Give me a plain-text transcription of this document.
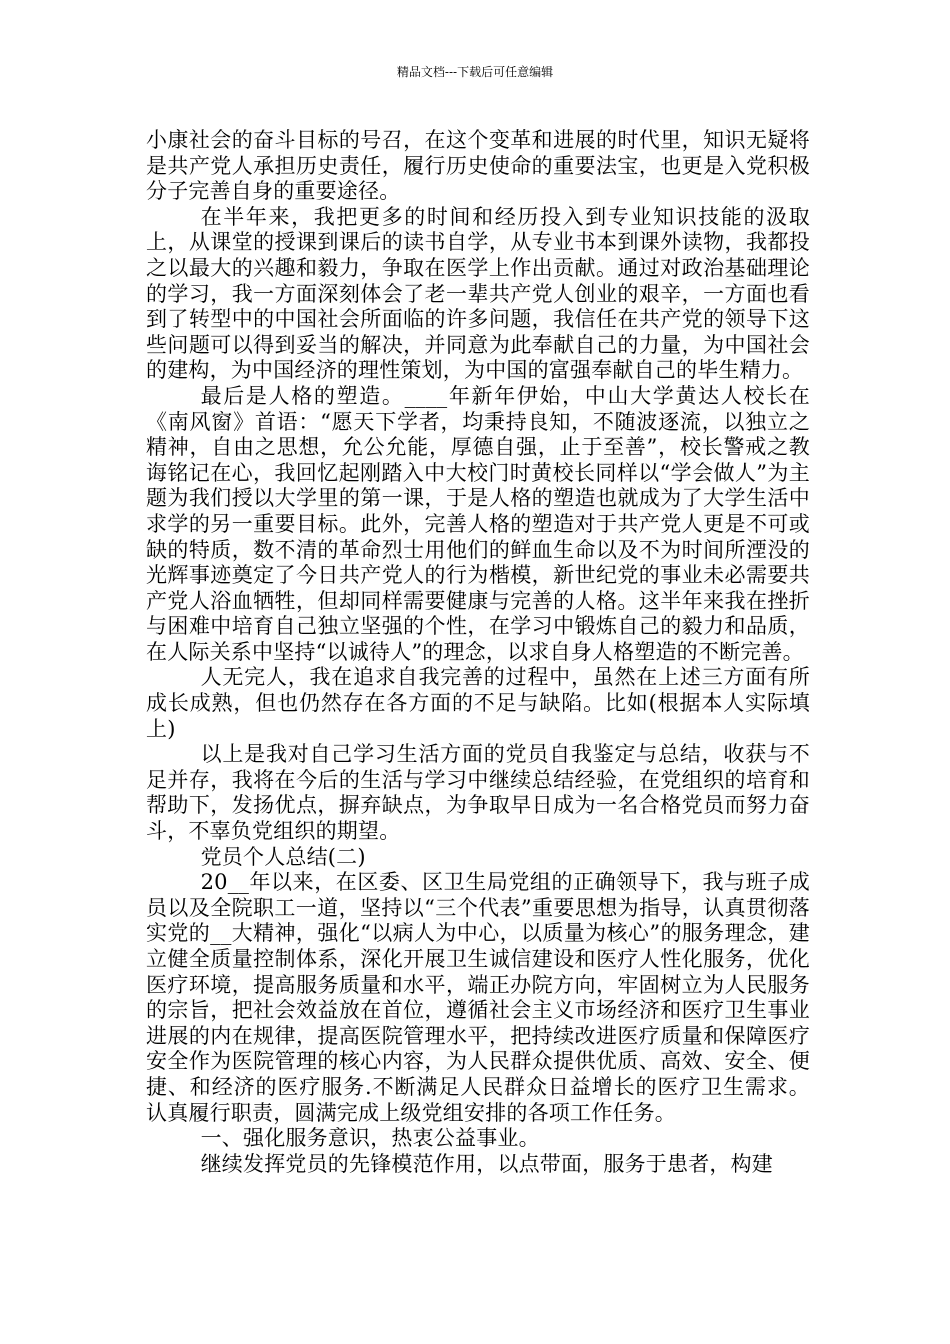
精品文档---下载后可任意编辑

小康社会的奋斗目标的号召，在这个变革和进展的时代里，知识无疑将是共产党人承担历史责任，履行历史使命的重要法宝，也更是入党积极分子完善自身的重要途径。

在半年来，我把更多的时间和经历投入到专业知识技能的汲取上，从课堂的授课到课后的读书自学，从专业书本到课外读物，我都投之以最大的兴趣和毅力，争取在医学上作出贡献。通过对政治基础理论的学习，我一方面深刻体会了老一辈共产党人创业的艰辛，一方面也看到了转型中的中国社会所面临的许多问题，我信任在共产党的领导下这些问题可以得到妥当的解决，并同意为此奉献自己的力量，为中国社会的建构，为中国经济的理性策划，为中国的富强奉献自己的毕生精力。

最后是人格的塑造。____年新年伊始，中山大学黄达人校长在《南风窗》首语：“愿天下学者，均秉持良知，不随波逐流，以独立之精神，自由之思想，允公允能，厚德自强，止于至善”，校长警戒之教诲铭记在心，我回忆起刚踏入中大校门时黄校长同样以“学会做人”为主题为我们授以大学里的第一课，于是人格的塑造也就成为了大学生活中求学的另一重要目标。此外，完善人格的塑造对于共产党人更是不可或缺的特质，数不清的革命烈士用他们的鲜血生命以及不为时间所湮没的光辉事迹奠定了今日共产党人的行为楷模，新世纪党的事业未必需要共产党人浴血牺牲，但却同样需要健康与完善的人格。这半年来我在挫折与困难中培育自己独立坚强的个性，在学习中锻炼自己的毅力和品质，在人际关系中坚持“以诚待人”的理念，以求自身人格塑造的不断完善。

人无完人，我在追求自我完善的过程中，虽然在上述三方面有所成长成熟，但也仍然存在各方面的不足与缺陷。比如(根据本人实际填上)

以上是我对自己学习生活方面的党员自我鉴定与总结，收获与不足并存，我将在今后的生活与学习中继续总结经验，在党组织的培育和帮助下，发扬优点，摒弃缺点，为争取早日成为一名合格党员而努力奋斗，不辜负党组织的期望。

党员个人总结(二)

20__年以来，在区委、区卫生局党组的正确领导下，我与班子成员以及全院职工一道，坚持以“三个代表”重要思想为指导，认真贯彻落实党的__大精神，强化“以病人为中心，以质量为核心”的服务理念，建立健全质量控制体系，深化开展卫生诚信建设和医疗人性化服务，优化医疗环境，提高服务质量和水平，端正办院方向，牢固树立为人民服务的宗旨，把社会效益放在首位，遵循社会主义市场经济和医疗卫生事业进展的内在规律，提高医院管理水平，把持续改进医疗质量和保障医疗安全作为医院管理的核心内容，为人民群众提供优质、高效、安全、便捷、和经济的医疗服务.不断满足人民群众日益增长的医疗卫生需求。认真履行职责，圆满完成上级党组安排的各项工作任务。

一、强化服务意识，热衷公益事业。

继续发挥党员的先锋模范作用，以点带面，服务于患者，构建
